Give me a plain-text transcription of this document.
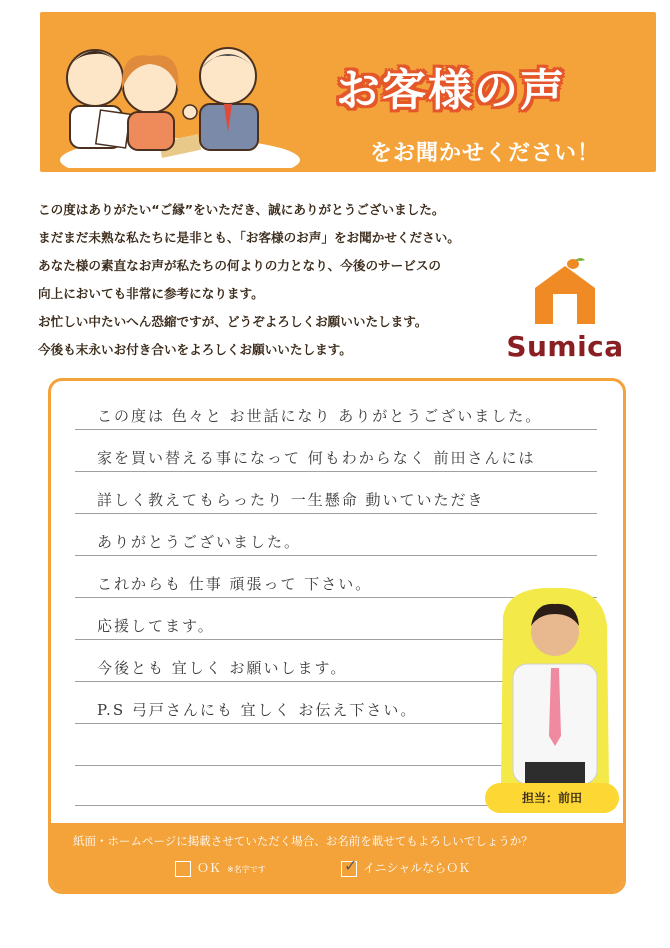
お客様の声
をお聞かせください！
この度はありがたい“ご縁”をいただき、誠にありがとうございました。
まだまだ未熟な私たちに是非とも、「お客様のお声」をお聞かせください。
あなた様の素直なお声が私たちの何よりの力となり、今後のサービスの
向上においても非常に参考になります。
お忙しい中たいへん恐縮ですが、どうぞよろしくお願いいたします。
今後も末永いお付き合いをよろしくお願いいたします。	Sumica
この度は 色々と お世話になり ありがとうございました。
家を買い替える事になって 何もわからなく 前田さんには
詳しく教えてもらったり 一生懸命 動いていただき
ありがとうございました。
これからも 仕事 頑張って 下さい。
応援してます。
今後とも 宜しく お願いします。
P.S 弓戸さんにも 宜しく お伝え下さい。
担当：前田
紙面・ホームページに掲載させていただく場合、お名前を載せてもよろしいでしょうか？
ＯＫ ※名字です	✓ イニシャルならＯＫ
